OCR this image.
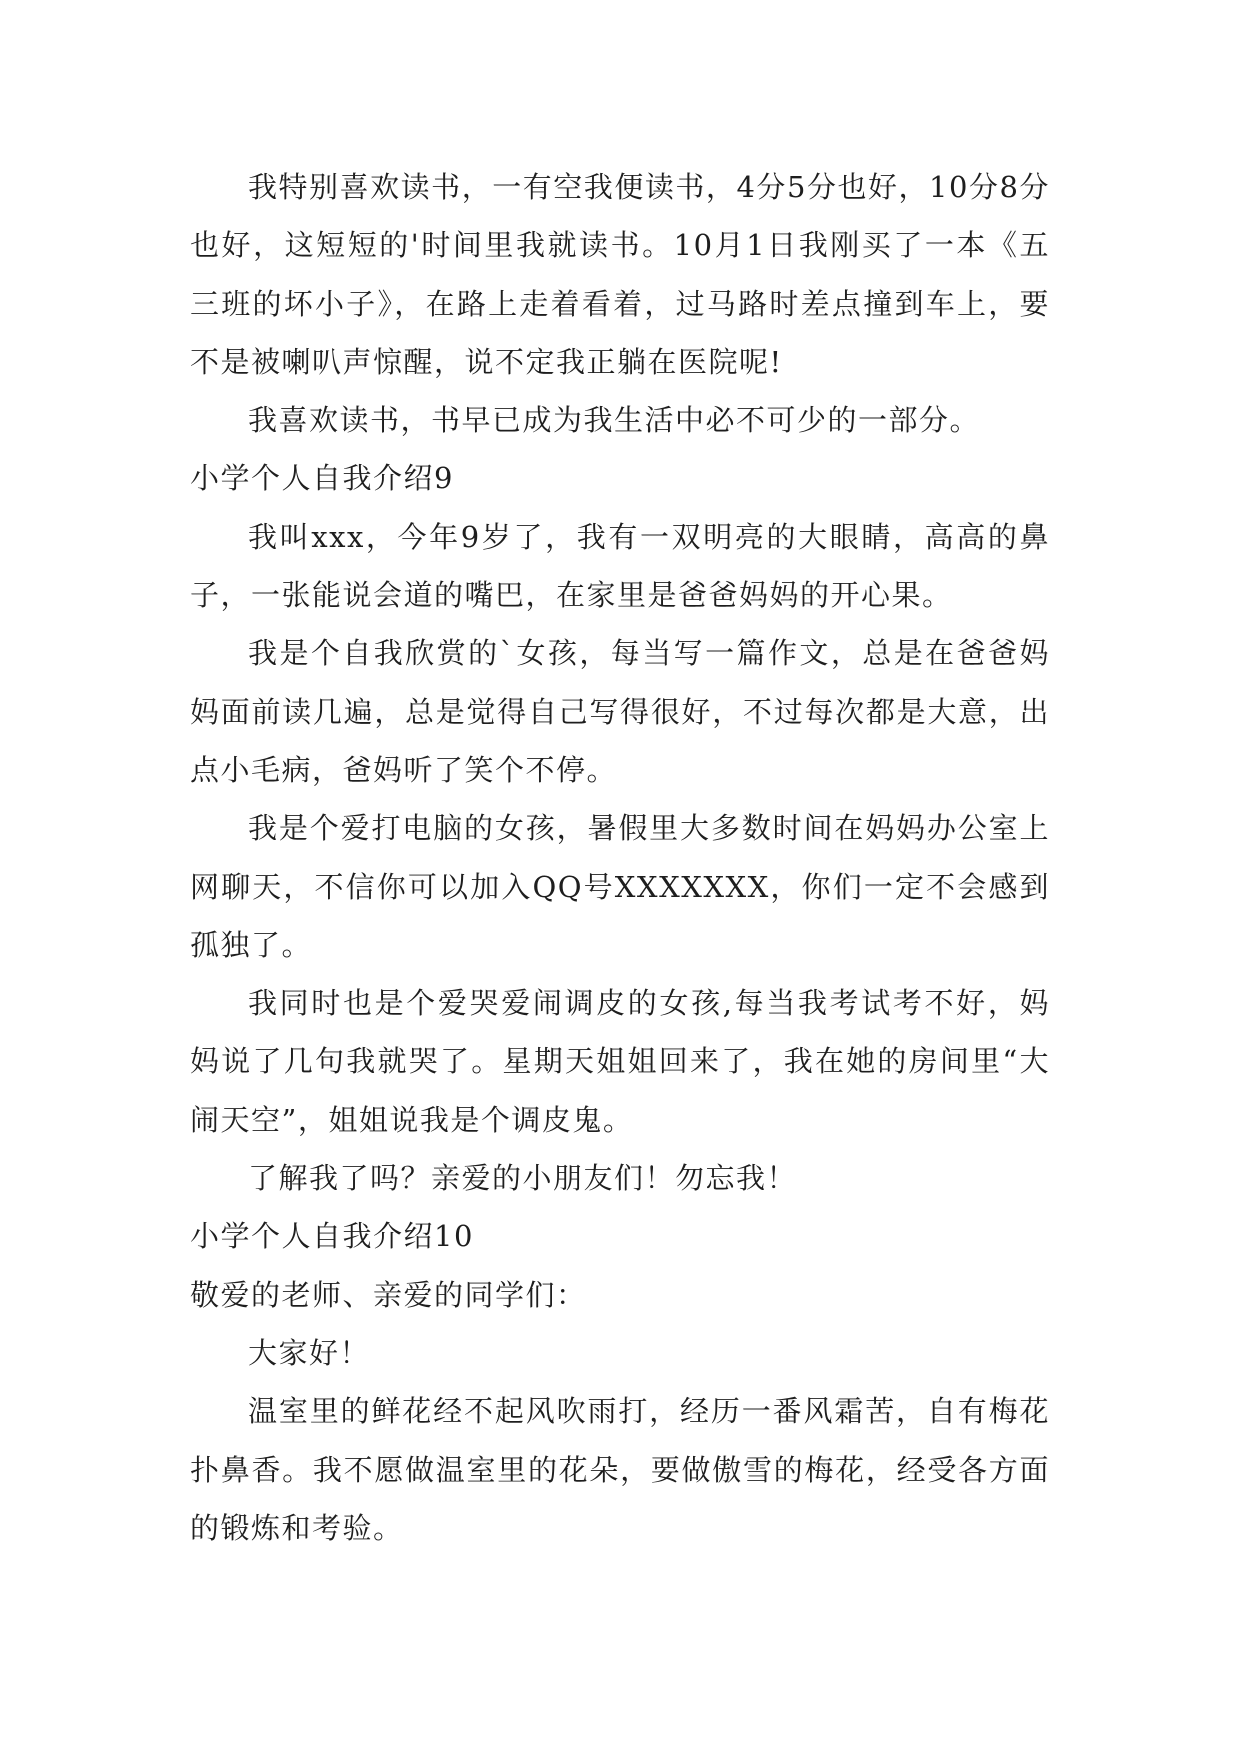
我特别喜欢读书，一有空我便读书，4分5分也好，10分8分也好，这短短的'时间里我就读书。10月1日我刚买了一本《五三班的坏小子》，在路上走着看着，过马路时差点撞到车上，要不是被喇叭声惊醒，说不定我正躺在医院呢!

我喜欢读书，书早已成为我生活中必不可少的一部分。

小学个人自我介绍9

我叫xxx，今年9岁了，我有一双明亮的大眼睛，高高的鼻子，一张能说会道的嘴巴，在家里是爸爸妈妈的开心果。

我是个自我欣赏的`女孩，每当写一篇作文，总是在爸爸妈妈面前读几遍，总是觉得自己写得很好，不过每次都是大意，出点小毛病，爸妈听了笑个不停。

我是个爱打电脑的女孩，暑假里大多数时间在妈妈办公室上网聊天，不信你可以加入QQ号XXXXXXX，你们一定不会感到孤独了。

我同时也是个爱哭爱闹调皮的女孩,每当我考试考不好，妈妈说了几句我就哭了。星期天姐姐回来了，我在她的房间里“大闹天空”，姐姐说我是个调皮鬼。

了解我了吗？亲爱的小朋友们！勿忘我！

小学个人自我介绍10

敬爱的老师、亲爱的同学们：

大家好！

温室里的鲜花经不起风吹雨打，经历一番风霜苦，自有梅花扑鼻香。我不愿做温室里的花朵，要做傲雪的梅花，经受各方面的锻炼和考验。
